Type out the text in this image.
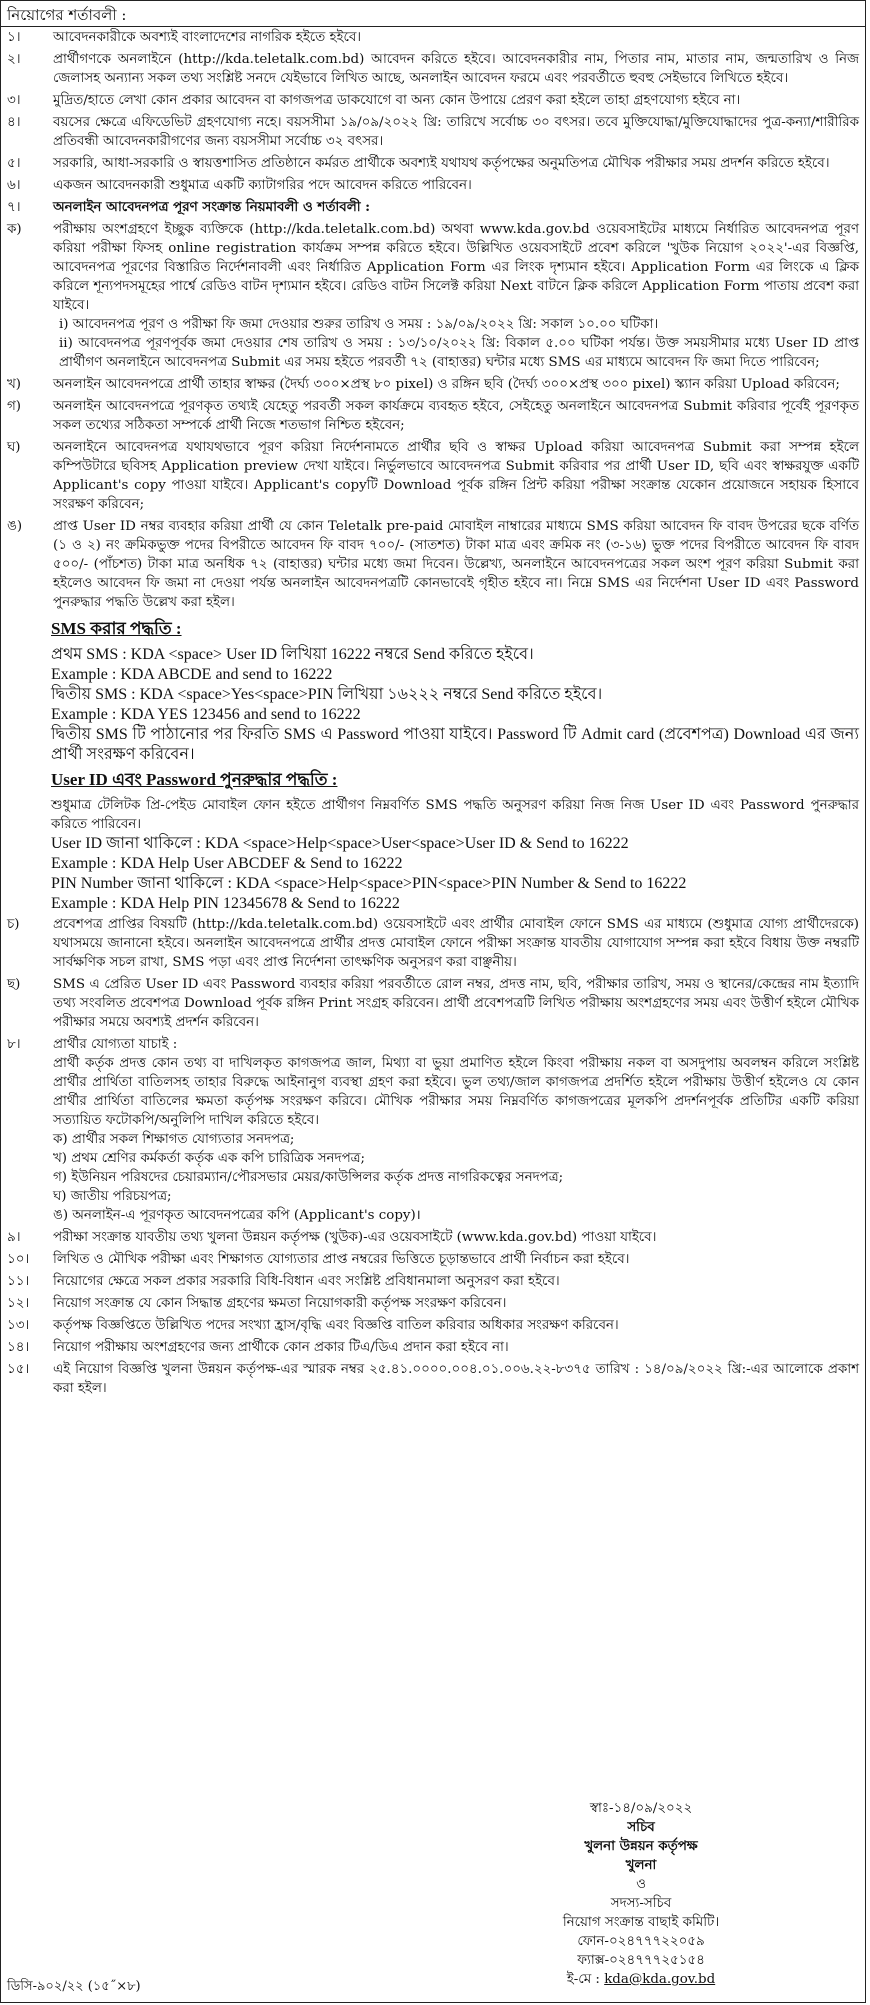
নিয়োগের শর্তাবলী :
১।	আবেদনকারীকে অবশ্যই বাংলাদেশের নাগরিক হইতে হইবে।
২।	প্রার্থীগণকে অনলাইনে (http://kda.teletalk.com.bd) আবেদন করিতে হইবে। আবেদনকারীর নাম, পিতার নাম, মাতার নাম, জন্মতারিখ ও নিজ জেলাসহ অন্যান্য সকল তথ্য সংশ্লিষ্ট সনদে যেইভাবে লিখিত আছে, অনলাইন আবেদন ফরমে এবং পরবর্তীতে হুবহু সেইভাবে লিখিতে হইবে।
৩।	মুদ্রিত/হাতে লেখা কোন প্রকার আবেদন বা কাগজপত্র ডাকযোগে বা অন্য কোন উপায়ে প্রেরণ করা হইলে তাহা গ্রহণযোগ্য হইবে না।
৪।	বয়সের ক্ষেত্রে এফিডেভিট গ্রহণযোগ্য নহে। বয়সসীমা ১৯/০৯/২০২২ খ্রি: তারিখে সর্বোচ্চ ৩০ বৎসর। তবে মুক্তিযোদ্ধা/মুক্তিযোদ্ধাদের পুত্র-কন্যা/শারীরিক প্রতিবন্ধী আবেদনকারীগণের জন্য বয়সসীমা সর্বোচ্চ ৩২ বৎসর।
৫।	সরকারি, আধা-সরকারি ও স্বায়ত্তশাসিত প্রতিষ্ঠানে কর্মরত প্রার্থীকে অবশ্যই যথাযথ কর্তৃপক্ষের অনুমতিপত্র মৌখিক পরীক্ষার সময় প্রদর্শন করিতে হইবে।
৬।	একজন আবেদনকারী শুধুমাত্র একটি ক্যাটাগরির পদে আবেদন করিতে পারিবেন।
৭।	অনলাইন আবেদনপত্র পূরণ সংক্রান্ত নিয়মাবলী ও শর্তাবলী :
ক)	পরীক্ষায় অংশগ্রহণে ইচ্ছুক ব্যক্তিকে (http://kda.teletalk.com.bd) অথবা www.kda.gov.bd ওয়েবসাইটের মাধ্যমে নির্ধারিত আবেদনপত্র পূরণ করিয়া পরীক্ষা ফিসহ online registration কার্যক্রম সম্পন্ন করিতে হইবে। উল্লিখিত ওয়েবসাইটে প্রবেশ করিলে 'খুউক নিয়োগ ২০২২'-এর বিজ্ঞপ্তি, আবেদনপত্র পূরণের বিস্তারিত নির্দেশনাবলী এবং নির্ধারিত Application Form এর লিংক দৃশ্যমান হইবে। Application Form এর লিংকে এ ক্লিক করিলে শূন্যপদসমূহের পার্শ্বে রেডিও বাটন দৃশ্যমান হইবে। রেডিও বাটন সিলেক্ট করিয়া Next বাটনে ক্লিক করিলে Application Form পাতায় প্রবেশ করা যাইবে।

i) আবেদনপত্র পূরণ ও পরীক্ষা ফি জমা দেওয়ার শুরুর তারিখ ও সময় : ১৯/০৯/২০২২ খ্রি: সকাল ১০.০০ ঘটিকা।

ii) আবেদনপত্র পূরণপূর্বক জমা দেওয়ার শেষ তারিখ ও সময় : ১৩/১০/২০২২ খ্রি: বিকাল ৫.০০ ঘটিকা পর্যন্ত। উক্ত সময়সীমার মধ্যে User ID প্রাপ্ত প্রার্থীগণ অনলাইনে আবেদনপত্র Submit এর সময় হইতে পরবর্তী ৭২ (বাহাত্তর) ঘন্টার মধ্যে SMS এর মাধ্যমে আবেদন ফি জমা দিতে পারিবেন;

খ)	অনলাইন আবেদনপত্রে প্রার্থী তাহার স্বাক্ষর (দৈর্ঘ্য ৩০০×প্রস্থ ৮০ pixel) ও রঙ্গিন ছবি (দৈর্ঘ্য ৩০০×প্রস্থ ৩০০ pixel) স্ক্যান করিয়া Upload করিবেন;
গ)	অনলাইন আবেদনপত্রে পূরণকৃত তথ্যই যেহেতু পরবর্তী সকল কার্যক্রমে ব্যবহৃত হইবে, সেইহেতু অনলাইনে আবেদনপত্র Submit করিবার পূর্বেই পূরণকৃত সকল তথ্যের সঠিকতা সম্পর্কে প্রার্থী নিজে শতভাগ নিশ্চিত হইবেন;
ঘ)	অনলাইনে আবেদনপত্র যথাযথভাবে পূরণ করিয়া নির্দেশনামতে প্রার্থীর ছবি ও স্বাক্ষর Upload করিয়া আবেদনপত্র Submit করা সম্পন্ন হইলে কম্পিউটারে ছবিসহ Application preview দেখা যাইবে। নির্ভুলভাবে আবেদনপত্র Submit করিবার পর প্রার্থী User ID, ছবি এবং স্বাক্ষরযুক্ত একটি Applicant's copy পাওয়া যাইবে। Applicant's copyটি Download পূর্বক রঙ্গিন প্রিন্ট করিয়া পরীক্ষা সংক্রান্ত যেকোন প্রয়োজনে সহায়ক হিসাবে সংরক্ষণ করিবেন;
ঙ)	প্রাপ্ত User ID নম্বর ব্যবহার করিয়া প্রার্থী যে কোন Teletalk pre-paid মোবাইল নাম্বারের মাধ্যমে SMS করিয়া আবেদন ফি বাবদ উপরের ছকে বর্ণিত (১ ও ২) নং ক্রমিকভুক্ত পদের বিপরীতে আবেদন ফি বাবদ ৭০০/- (সাতশত) টাকা মাত্র এবং ক্রমিক নং (৩-১৬) ভুক্ত পদের বিপরীতে আবেদন ফি বাবদ ৫০০/- (পাঁচশত) টাকা মাত্র অনধিক ৭২ (বাহাত্তর) ঘন্টার মধ্যে জমা দিবেন। উল্লেখ্য, অনলাইনে আবেদনপত্রের সকল অংশ পূরণ করিয়া Submit করা হইলেও আবেদন ফি জমা না দেওয়া পর্যন্ত অনলাইন আবেদনপত্রটি কোনভাবেই গৃহীত হইবে না। নিম্নে SMS এর নির্দেশনা User ID এবং Password পুনরুদ্ধার পদ্ধতি উল্লেখ করা হইল।
SMS করার পদ্ধতি :
প্রথম SMS : KDA <space> User ID লিখিয়া 16222 নম্বরে Send করিতে হইবে।
Example : KDA ABCDE and send to 16222
দ্বিতীয় SMS : KDA <space>Yes<space>PIN লিখিয়া ১৬২২২ নম্বরে Send করিতে হইবে।
Example : KDA YES 123456 and send to 16222
দ্বিতীয় SMS টি পাঠানোর পর ফিরতি SMS এ Password পাওয়া যাইবে। Password টি Admit card (প্রবেশপত্র) Download এর জন্য প্রার্থী সংরক্ষণ করিবেন।
User ID এবং Password পুনরুদ্ধার পদ্ধতি :
শুধুমাত্র টেলিটক প্রি-পেইড মোবাইল ফোন হইতে প্রার্থীগণ নিম্নবর্ণিত SMS পদ্ধতি অনুসরণ করিয়া নিজ নিজ User ID এবং Password পুনরুদ্ধার করিতে পারিবেন।
User ID জানা থাকিলে : KDA <space>Help<space>User<space>User ID & Send to 16222
Example : KDA Help User ABCDEF & Send to 16222
PIN Number জানা থাকিলে : KDA <space>Help<space>PIN<space>PIN Number & Send to 16222
Example : KDA Help PIN 12345678 & Send to 16222
চ)	প্রবেশপত্র প্রাপ্তির বিষয়টি (http://kda.teletalk.com.bd) ওয়েবসাইটে এবং প্রার্থীর মোবাইল ফোনে SMS এর মাধ্যমে (শুধুমাত্র যোগ্য প্রার্থীদেরকে) যথাসময়ে জানানো হইবে। অনলাইন আবেদনপত্রে প্রার্থীর প্রদত্ত মোবাইল ফোনে পরীক্ষা সংক্রান্ত যাবতীয় যোগাযোগ সম্পন্ন করা হইবে বিধায় উক্ত নম্বরটি সার্বক্ষণিক সচল রাখা, SMS পড়া এবং প্রাপ্ত নির্দেশনা তাৎক্ষণিক অনুসরণ করা বাঞ্ছনীয়।
ছ)	SMS এ প্রেরিত User ID এবং Password ব্যবহার করিয়া পরবর্তীতে রোল নম্বর, প্রদত্ত নাম, ছবি, পরীক্ষার তারিখ, সময় ও স্থানের/কেন্দ্রের নাম ইত্যাদি তথ্য সংবলিত প্রবেশপত্র Download পূর্বক রঙ্গিন Print সংগ্রহ করিবেন। প্রার্থী প্রবেশপত্রটি লিখিত পরীক্ষায় অংশগ্রহণের সময় এবং উত্তীর্ণ হইলে মৌখিক পরীক্ষার সময়ে অবশ্যই প্রদর্শন করিবেন।
৮।	প্রার্থীর যোগ্যতা যাচাই :

প্রার্থী কর্তৃক প্রদত্ত কোন তথ্য বা দাখিলকৃত কাগজপত্র জাল, মিথ্যা বা ভুয়া প্রমাণিত হইলে কিংবা পরীক্ষায় নকল বা অসদুপায় অবলম্বন করিলে সংশ্লিষ্ট প্রার্থীর প্রার্থিতা বাতিলসহ তাহার বিরুদ্ধে আইনানুগ ব্যবস্থা গ্রহণ করা হইবে। ভুল তথ্য/জাল কাগজপত্র প্রদর্শিত হইলে পরীক্ষায় উত্তীর্ণ হইলেও যে কোন প্রার্থীর প্রার্থিতা বাতিলের ক্ষমতা কর্তৃপক্ষ সংরক্ষণ করিবে। মৌখিক পরীক্ষার সময় নিম্নবর্ণিত কাগজপত্রের মূলকপি প্রদর্শনপূর্বক প্রতিটির একটি করিয়া সত্যায়িত ফটোকপি/অনুলিপি দাখিল করিতে হইবে।

ক) প্রার্থীর সকল শিক্ষাগত যোগ্যতার সনদপত্র;

খ) প্রথম শ্রেণির কর্মকর্তা কর্তৃক এক কপি চারিত্রিক সনদপত্র;

গ) ইউনিয়ন পরিষদের চেয়ারম্যান/পৌরসভার মেয়র/কাউন্সিলর কর্তৃক প্রদত্ত নাগরিকত্বের সনদপত্র;

ঘ) জাতীয় পরিচয়পত্র;

ঙ) অনলাইন-এ পূরণকৃত আবেদনপত্রের কপি (Applicant's copy)।

৯।	পরীক্ষা সংক্রান্ত যাবতীয় তথ্য খুলনা উন্নয়ন কর্তৃপক্ষ (খুউক)-এর ওয়েবসাইটে (www.kda.gov.bd) পাওয়া যাইবে।
১০।	লিখিত ও মৌখিক পরীক্ষা এবং শিক্ষাগত যোগ্যতার প্রাপ্ত নম্বরের ভিত্তিতে চূড়ান্তভাবে প্রার্থী নির্বাচন করা হইবে।
১১।	নিয়োগের ক্ষেত্রে সকল প্রকার সরকারি বিধি-বিধান এবং সংশ্লিষ্ট প্রবিধানমালা অনুসরণ করা হইবে।
১২।	নিয়োগ সংক্রান্ত যে কোন সিদ্ধান্ত গ্রহণের ক্ষমতা নিয়োগকারী কর্তৃপক্ষ সংরক্ষণ করিবেন।
১৩।	কর্তৃপক্ষ বিজ্ঞপ্তিতে উল্লিখিত পদের সংখ্যা হ্রাস/বৃদ্ধি এবং বিজ্ঞপ্তি বাতিল করিবার অধিকার সংরক্ষণ করিবেন।
১৪।	নিয়োগ পরীক্ষায় অংশগ্রহণের জন্য প্রার্থীকে কোন প্রকার টিএ/ডিএ প্রদান করা হইবে না।
১৫।	এই নিয়োগ বিজ্ঞপ্তি খুলনা উন্নয়ন কর্তৃপক্ষ-এর স্মারক নম্বর ২৫.৪১.০০০০.০০৪.০১.০০৬.২২-৮৩৭৫ তারিখ : ১৪/০৯/২০২২ খ্রি:-এর আলোকে প্রকাশ করা হইল।
স্বাঃ-১৪/০৯/২০২২
সচিব
খুলনা উন্নয়ন কর্তৃপক্ষ
খুলনা
ও
সদস্য-সচিব
নিয়োগ সংক্রান্ত বাছাই কমিটি।
ফোন-০২৪৭৭৭২২০৫৯
ফ্যাক্স-০২৪৭৭৭২৫১৫৪
ই-মে : kda@kda.gov.bd
ডিসি-৯০২/২২ (১৫˝×৮)
